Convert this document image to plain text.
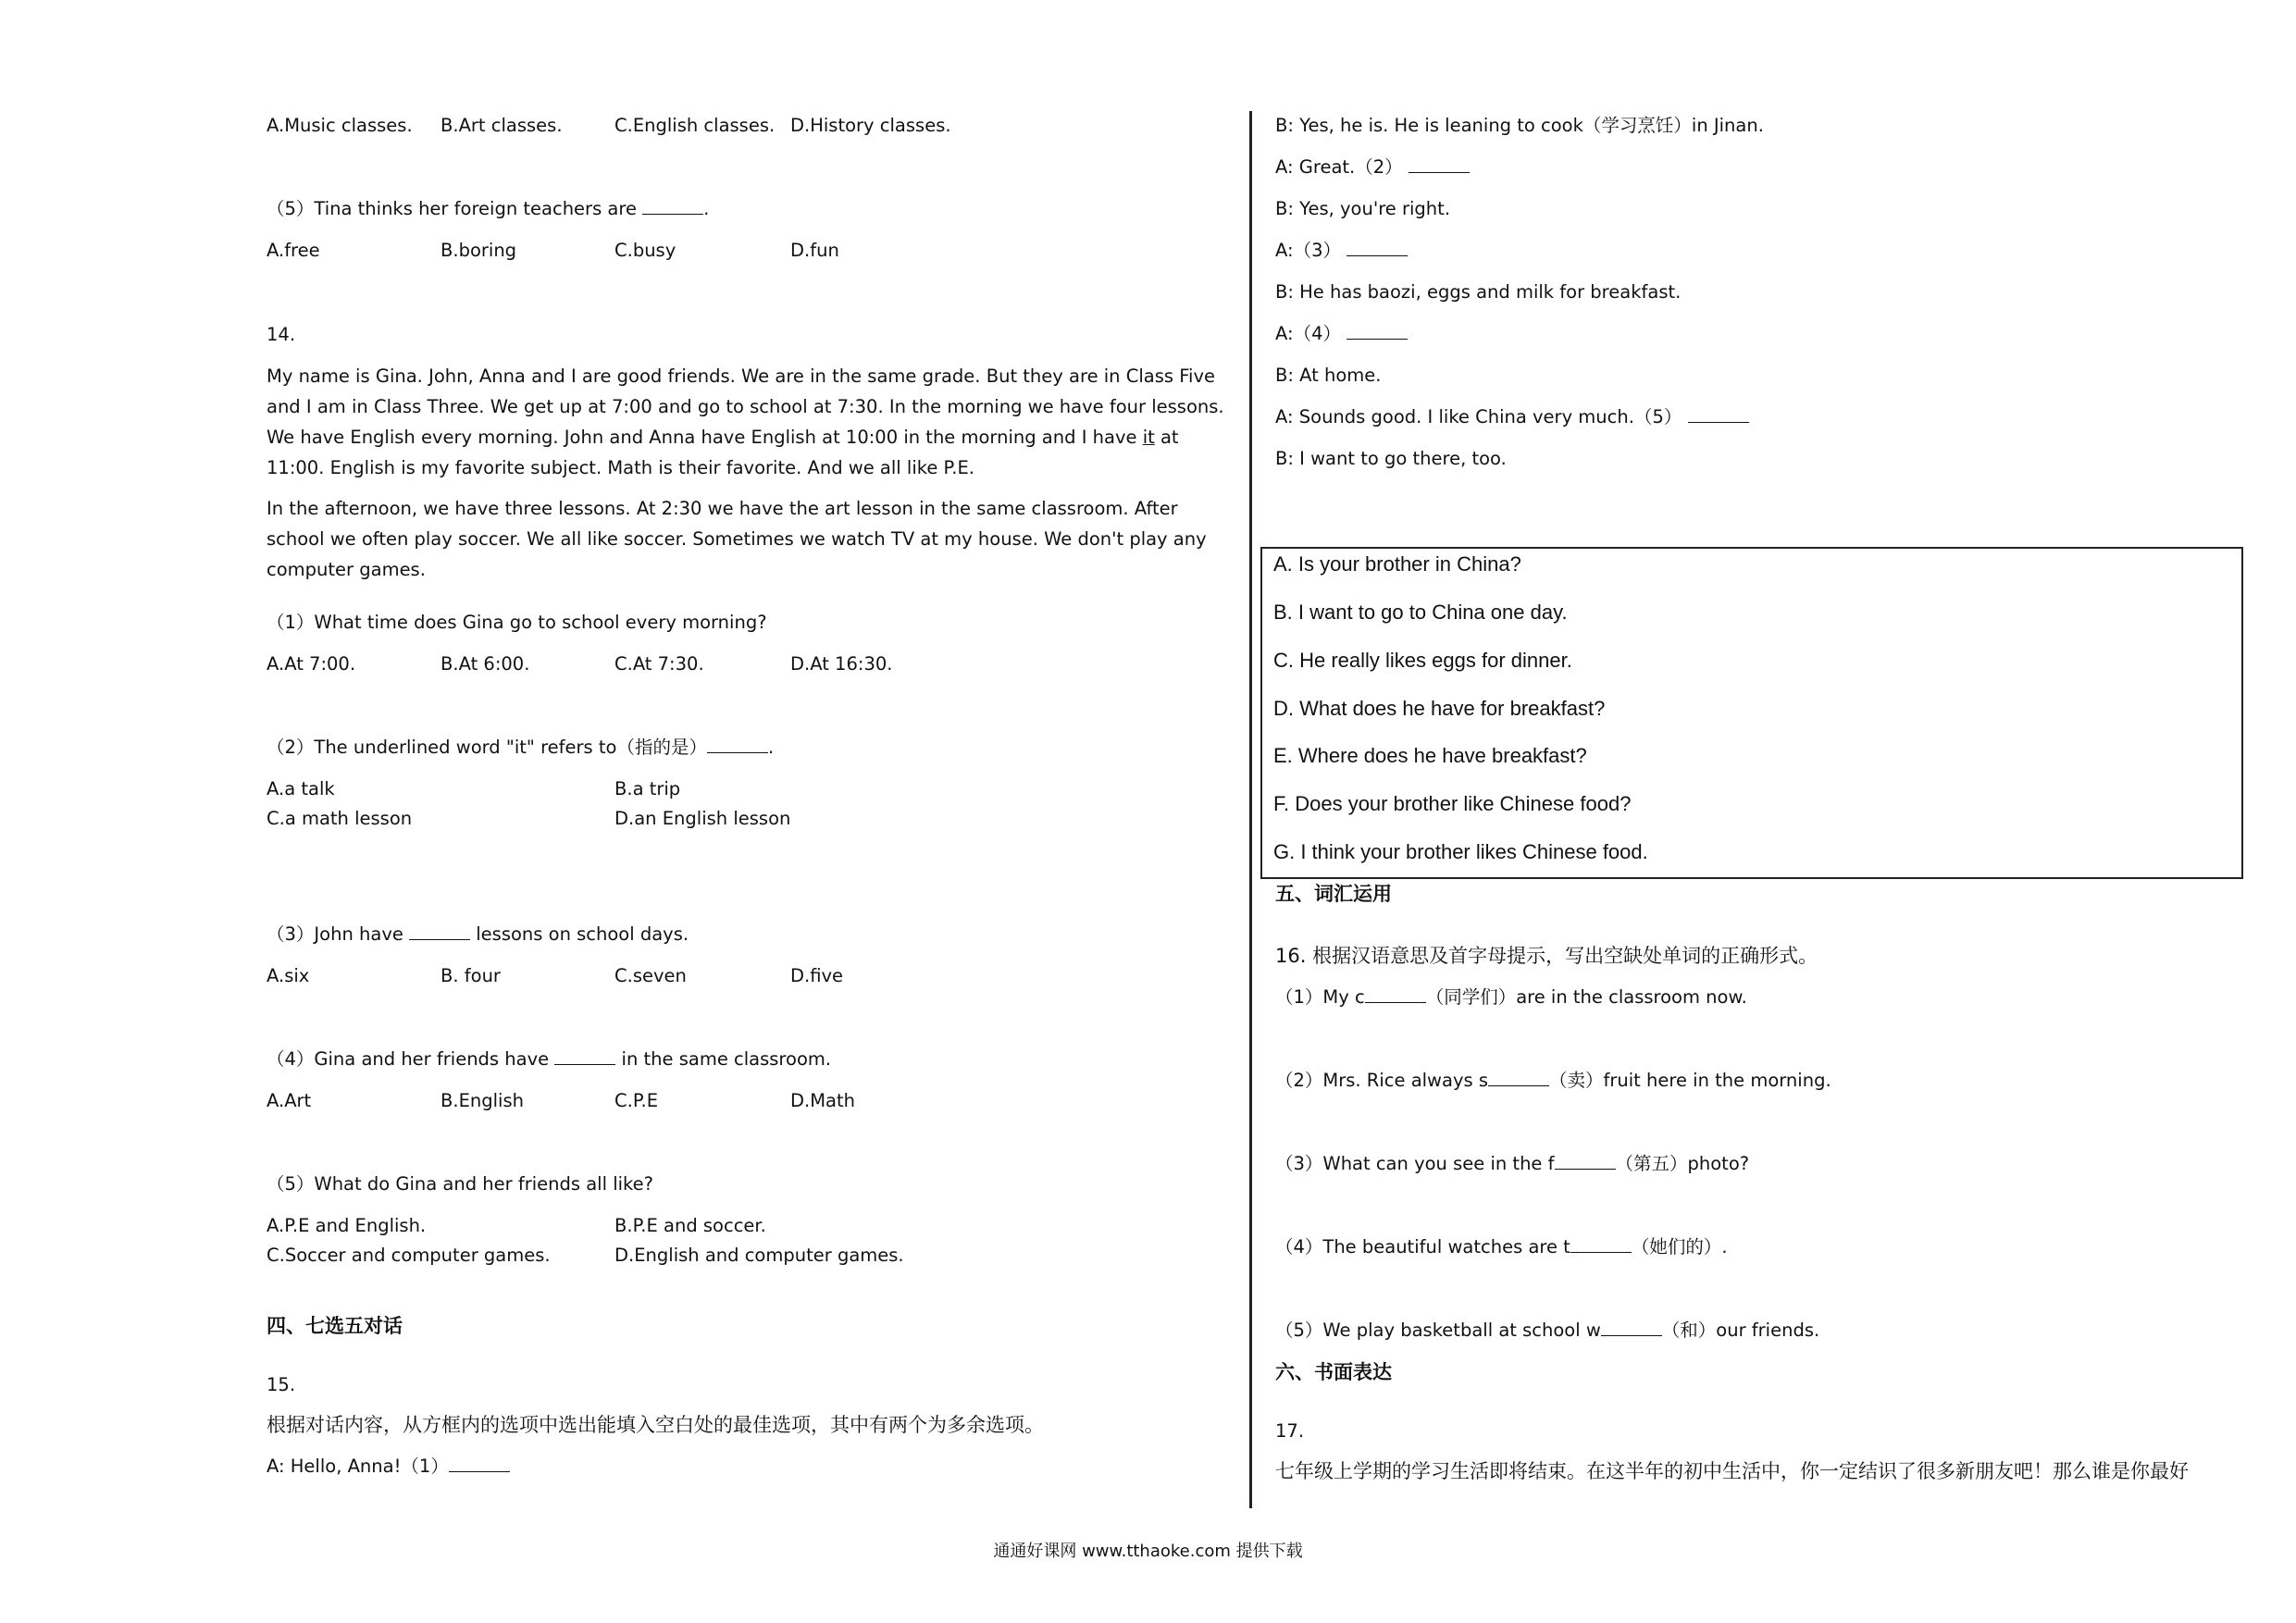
A.Music classes. B.Art classes.	C.English classes. D.History classes.
（5）Tina thinks her foreign teachers are	.
A.free	B.boring	C.busy	D.fun
14.
My name is Gina. John, Anna and I are good friends. We are in the same grade. But they are in Class Five and I am in Class Three. We get up at 7:00 and go to school at 7:30. In the morning we have four lessons. We have English every morning. John and Anna have English at 10:00 in the morning and I have it at 11:00. English is my favorite subject. Math is their favorite. And we all like P.E.
In the afternoon, we have three lessons. At 2:30 we have the art lesson in the same classroom. After school we often play soccer. We all like soccer. Sometimes we watch TV at my house. We don't play any computer games.
（1）What time does Gina go to school every morning?
A.At 7:00.	B.At 6:00.	C.At 7:30.	D.At 16:30.
（2）The underlined word "it" refers to（指的是）	.
A.a talk	B.a trip
C.a math lesson	D.an English lesson
（3）John have	lessons on school days.
A.six	B. four	C.seven	D.five
（4）Gina and her friends have	in the same classroom.
A.Art	B.English	C.P.E	D.Math
（5）What do Gina and her friends all like?
A.P.E and English.	B.P.E and soccer.
C.Soccer and computer games.	D.English and computer games.
四、七选五对话
15.
根据对话内容，从方框内的选项中选出能填入空白处的最佳选项，其中有两个为多余选项。
A: Hello, Anna!（1）
B: Yes, he is. He is leaning to cook（学习烹饪）in Jinan.
A: Great.（2）
B: Yes, you're right.
A:（3）
B: He has baozi, eggs and milk for breakfast.
A:（4）
B: At home.
A: Sounds good. I like China very much.（5）
B: I want to go there, too.
五、词汇运用
16. 根据汉语意思及首字母提示，写出空缺处单词的正确形式。
（1）My c	（同学们）are in the classroom now.
（2）Mrs. Rice always s	（卖）fruit here in the morning.
（3）What can you see in the f	（第五）photo?
（4）The beautiful watches are t	（她们的）.
（5）We play basketball at school w	（和）our friends.
六、书面表达
17.
七年级上学期的学习生活即将结束。在这半年的初中生活中，你一定结识了很多新朋友吧！那么谁是你最好
A. Is your brother in China?
B. I want to go to China one day.
C. He really likes eggs for dinner.
D. What does he have for breakfast?
E. Where does he have breakfast?
F. Does your brother like Chinese food?
G. I think your brother likes Chinese food.
通通好课网 www.tthaoke.com 提供下载
